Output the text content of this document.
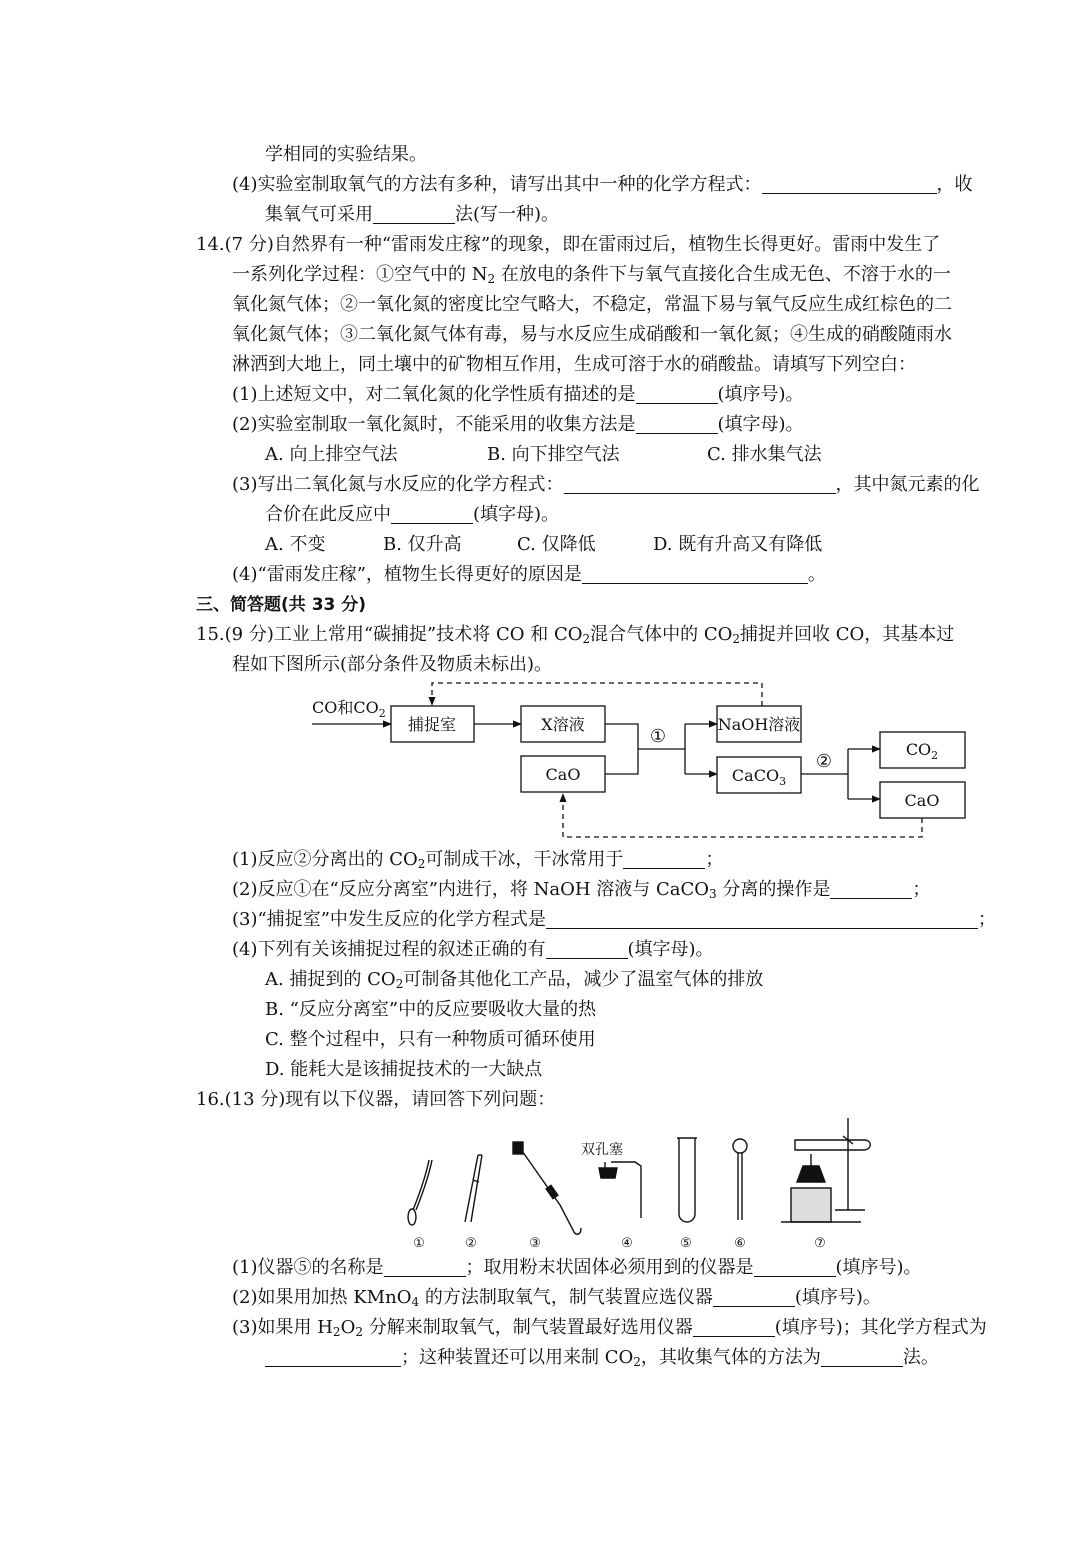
学相同的实验结果。
(4)实验室制取氧气的方法有多种，请写出其中一种的化学方程式：	，收
集氧气可采用	法(写一种)。
14.(7 分)自然界有一种“雷雨发庄稼”的现象，即在雷雨过后，植物生长得更好。雷雨中发生了
一系列化学过程：①空气中的 $N_2$ 在放电的条件下与氧气直接化合生成无色、不溶于水的一
氧化氮气体；②一氧化氮的密度比空气略大，不稳定，常温下易与氧气反应生成红棕色的二
氧化氮气体；③二氧化氮气体有毒，易与水反应生成硝酸和一氧化氮；④生成的硝酸随雨水
淋洒到大地上，同土壤中的矿物相互作用，生成可溶于水的硝酸盐。请填写下列空白：
(1)上述短文中，对二氧化氮的化学性质有描述的是	(填序号)。
(2)实验室制取一氧化氮时，不能采用的收集方法是	(填字母)。
A. 向上排空气法	B. 向下排空气法	C. 排水集气法
(3)写出二氧化氮与水反应的化学方程式：	，其中氮元素的化
合价在此反应中	(填字母)。
A. 不变	B. 仅升高	C. 仅降低	D. 既有升高又有降低
(4)“雷雨发庄稼”，植物生长得更好的原因是	。
三、简答题(共 33 分)
15.(9 分)工业上常用“碳捕捉”技术将 CO 和 $CO_2$混合气体中的 $CO_2$捕捉并回收 CO，其基本过
程如下图所示(部分条件及物质未标出)。
CO和$CO_2$
捕捉室	X溶液
CaO
①
NaOH溶液
CaCO$_3$
②
$CO_2$
CaO
(1)反应②分离出的 $CO_2$可制成干冰，干冰常用于	；
(2)反应①在“反应分离室”内进行，将 NaOH 溶液与 CaCO$_3$ 分离的操作是	；
(3)“捕捉室”中发生反应的化学方程式是	；
(4)下列有关该捕捉过程的叙述正确的有	(填字母)。
A. 捕捉到的 $CO_2$可制备其他化工产品，减少了温室气体的排放
B. “反应分离室”中的反应要吸收大量的热
C. 整个过程中，只有一种物质可循环使用
D. 能耗大是该捕捉技术的一大缺点
16.(13 分)现有以下仪器，请回答下列问题：
双孔塞
①	②	③	④	⑤	⑥	⑦
(1)仪器⑤的名称是	；取用粉末状固体必须用到的仪器是	(填序号)。
(2)如果用加热 KMnO$_4$ 的方法制取氧气，制气装置应选仪器	(填序号)。
(3)如果用 $H_2O_2$ 分解来制取氧气，制气装置最好选用仪器	(填序号)；其化学方程式为
；这种装置还可以用来制 $CO_2$，其收集气体的方法为	法。
